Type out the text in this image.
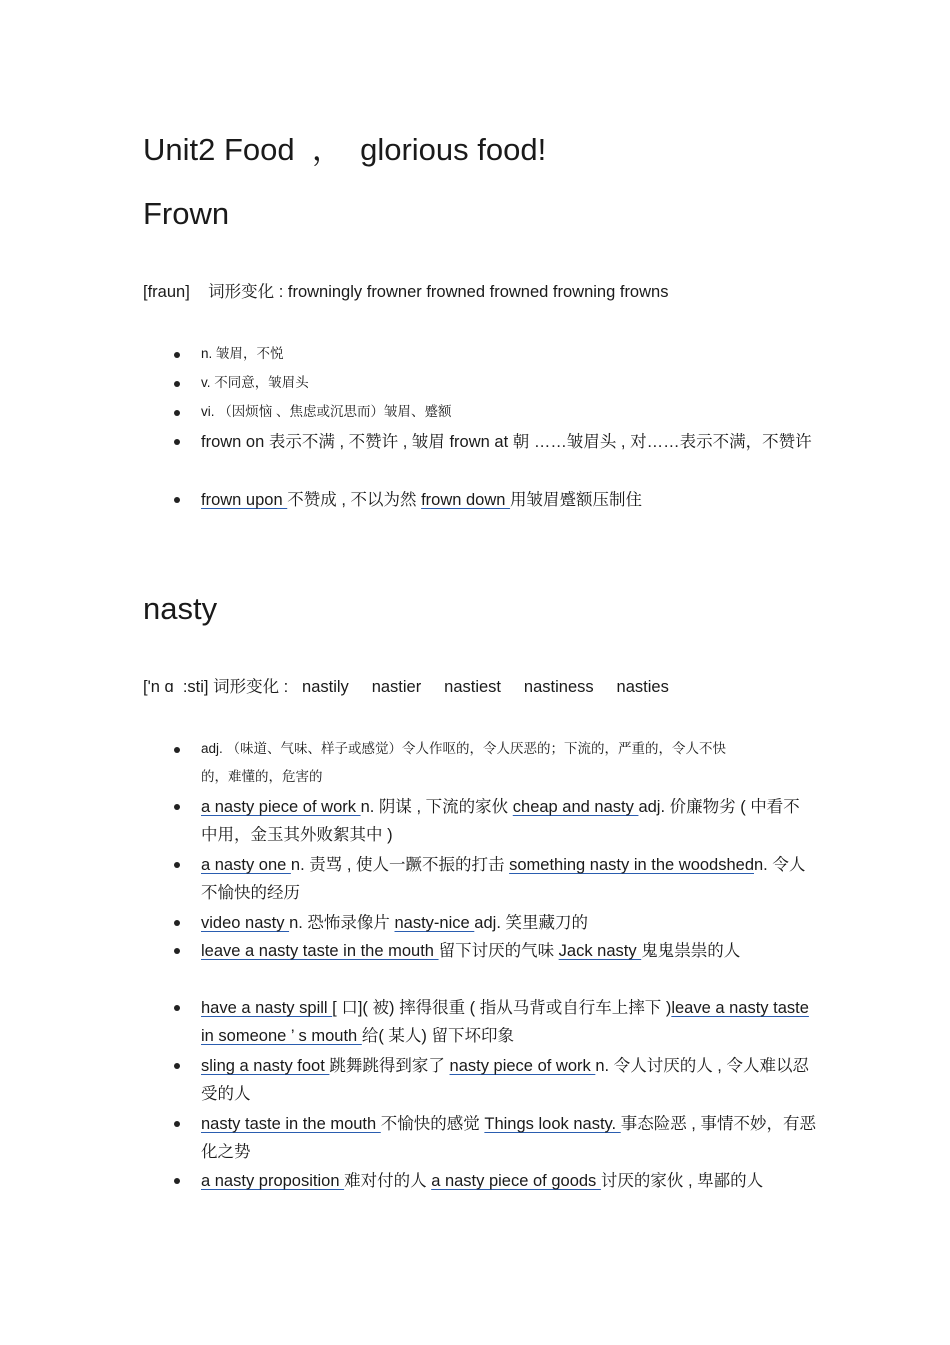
Unit2 Food  ，  glorious food!
Frown
[fraun]    词形变化 : frowningly frowner frowned frowned frowning frowns
n. 皱眉，不悦
v. 不同意，皱眉头
vi. （因烦恼 、焦虑或沉思而）皱眉、蹙额
frown on 表示不满 , 不赞许 , 皱眉 frown at 朝 ……皱眉头 , 对……表示不满，不赞许
frown upon 不赞成 , 不以为然 frown down 用皱眉蹙额压制住
nasty
['n ɑ  :sti] 词形变化 :   nastily     nastier     nastiest     nastiness     nasties
adj. （味道、气味、样子或感觉）令人作呕的，令人厌恶的；下流的，严重的，令人不快的，难懂的，危害的
a nasty piece of work n. 阴谋 , 下流的家伙 cheap and nasty adj. 价廉物劣 ( 中看不中用，金玉其外败絮其中 )
a nasty one n. 责骂 , 使人一蹶不振的打击 something nasty in the woodshedn. 令人不愉快的经历
video nasty n. 恐怖录像片 nasty-nice adj. 笑里藏刀的
leave a nasty taste in the mouth 留下讨厌的气味 Jack nasty 鬼鬼祟祟的人
have a nasty spill [ 口]( 被) 摔得很重 ( 指从马背或自行车上摔下 )leave a nasty taste in someone ’ s mouth 给( 某人) 留下坏印象
sling a nasty foot 跳舞跳得到家了 nasty piece of work n. 令人讨厌的人 , 令人难以忍受的人
nasty taste in the mouth 不愉快的感觉 Things look nasty. 事态险恶 , 事情不妙，有恶化之势
a nasty proposition 难对付的人 a nasty piece of goods 讨厌的家伙 , 卑鄙的人
